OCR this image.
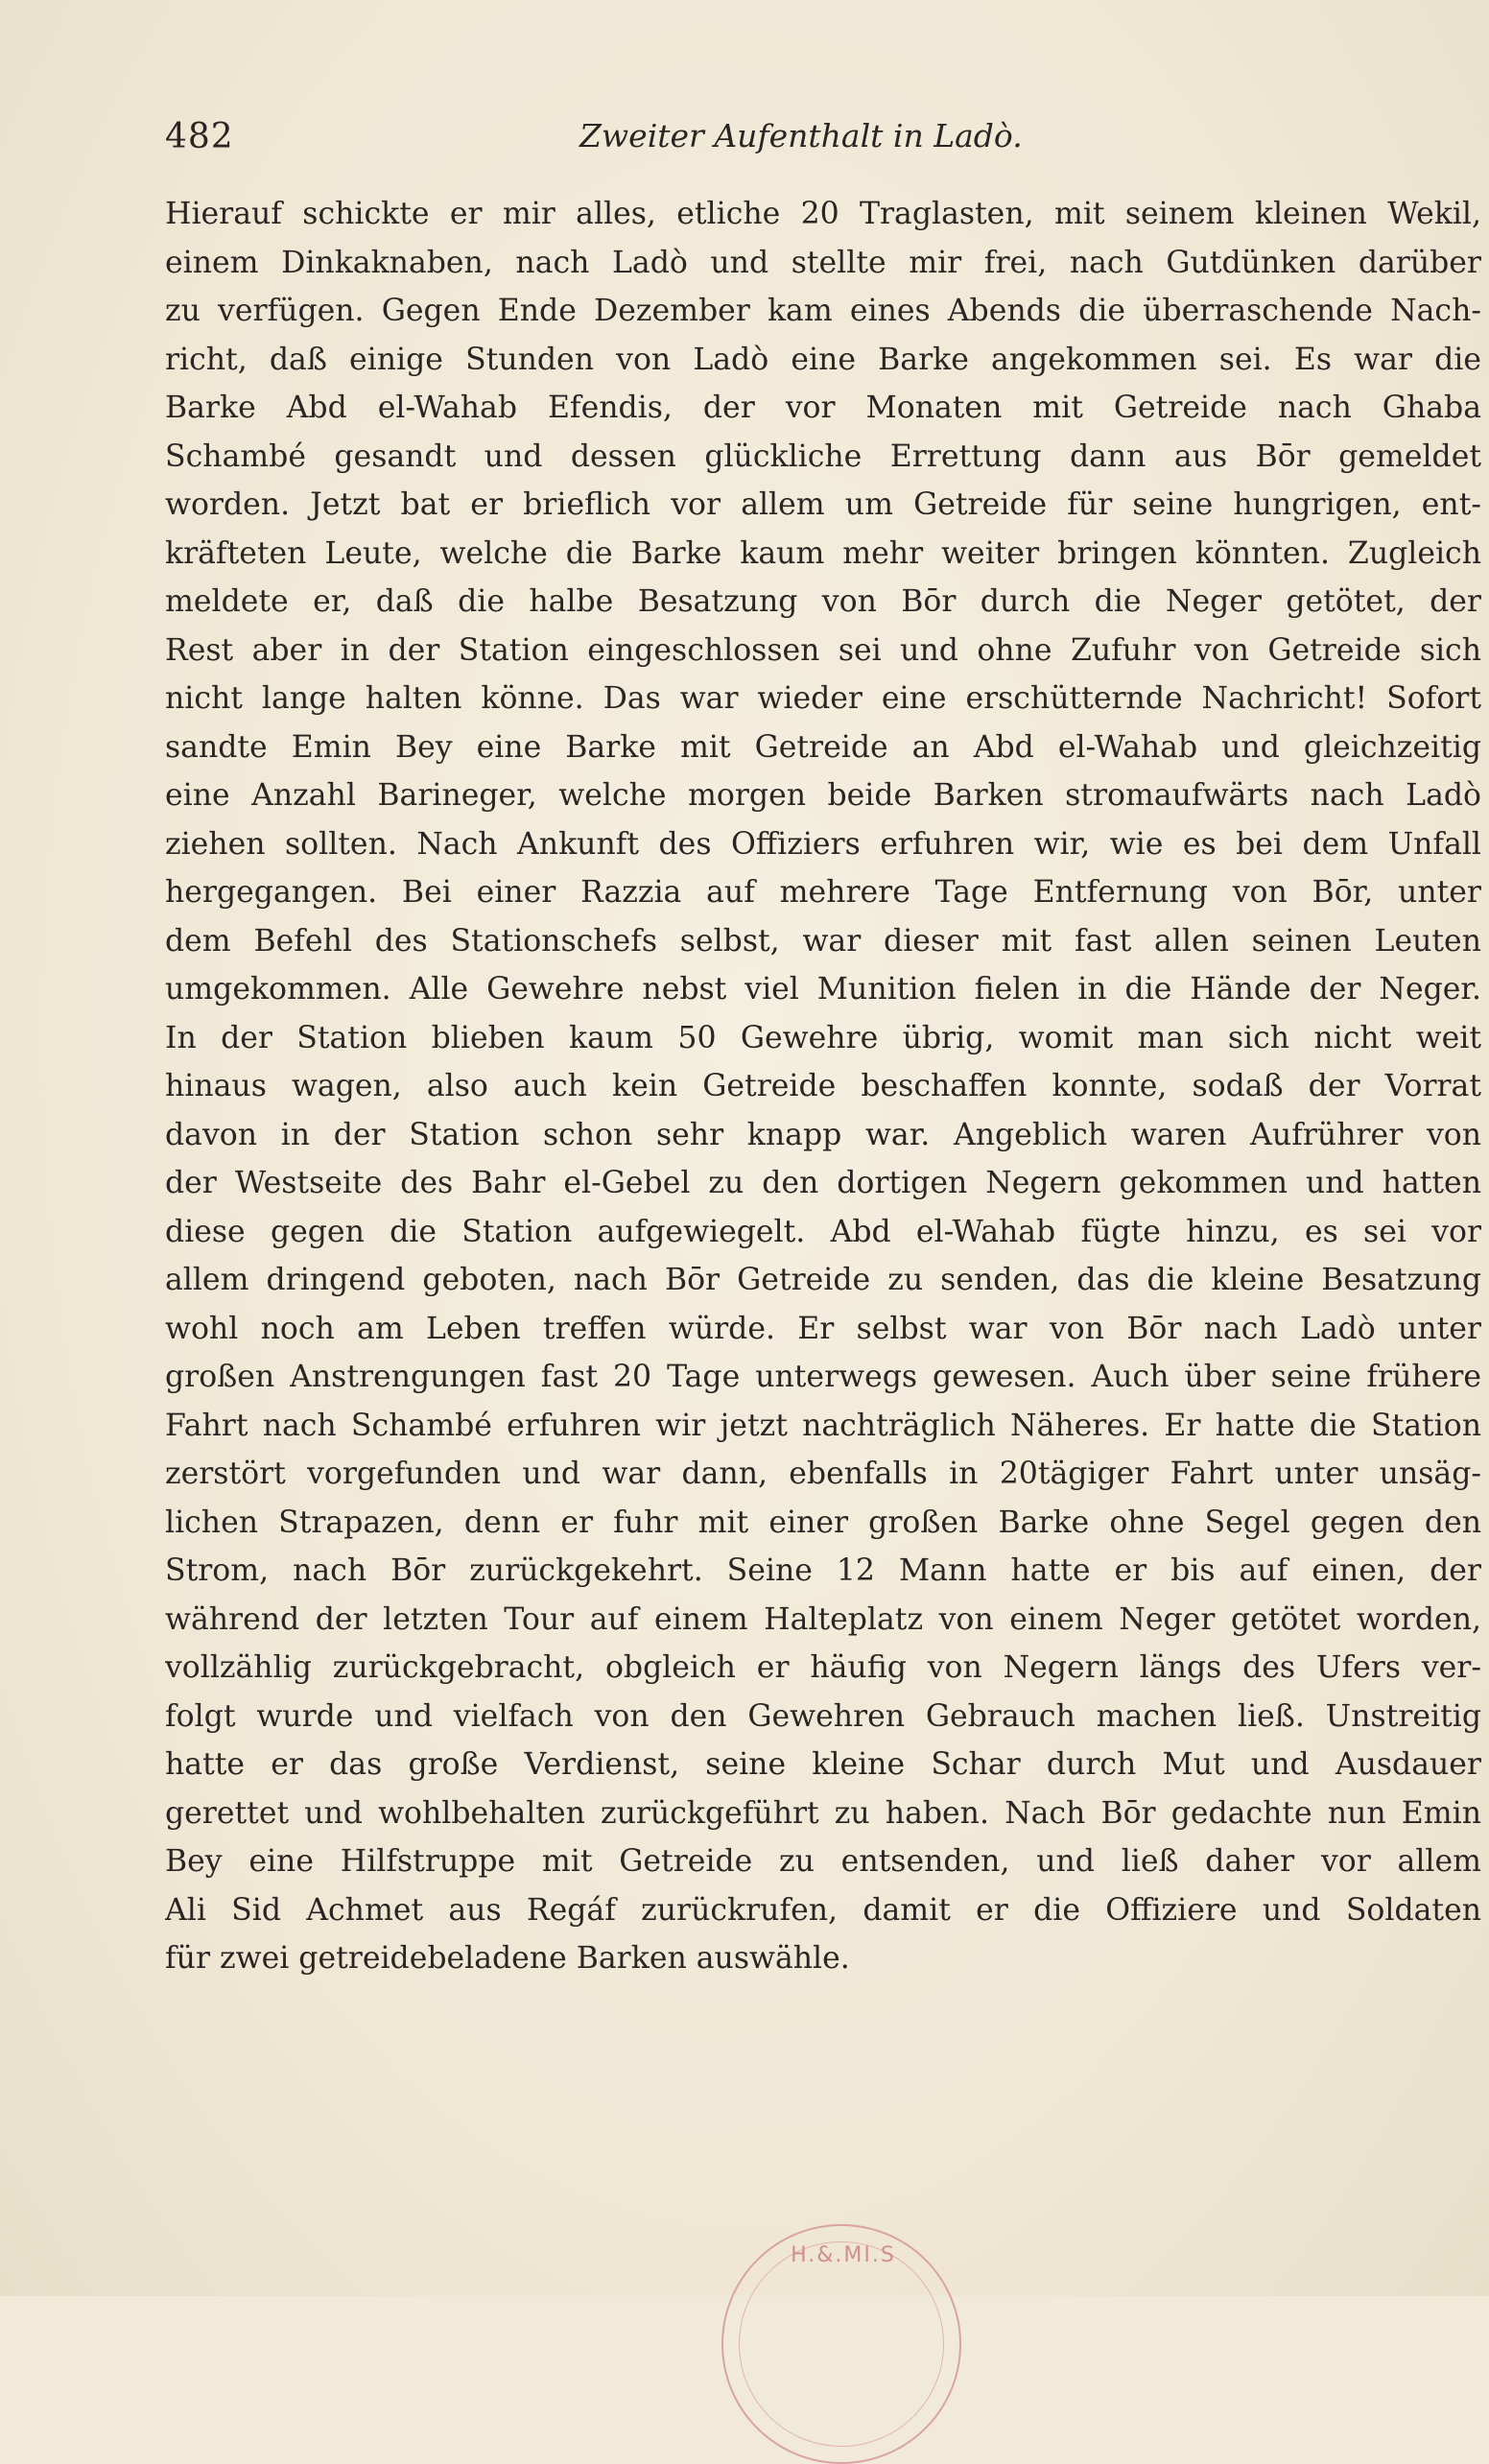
482	Zweiter Aufenthalt in Ladò.
Hierauf schickte er mir alles, etliche 20 Traglasten, mit seinem kleinen Wekil,
einem Dinkaknaben, nach Ladò und stellte mir frei, nach Gutdünken darüber
zu verfügen. Gegen Ende Dezember kam eines Abends die überraschende Nach-
richt, daß einige Stunden von Ladò eine Barke angekommen sei. Es war die
Barke Abd el-Wahab Efendis, der vor Monaten mit Getreide nach Ghaba
Schambé gesandt und dessen glückliche Errettung dann aus Bōr gemeldet
worden. Jetzt bat er brieflich vor allem um Getreide für seine hungrigen, ent-
kräfteten Leute, welche die Barke kaum mehr weiter bringen könnten. Zugleich
meldete er, daß die halbe Besatzung von Bōr durch die Neger getötet, der
Rest aber in der Station eingeschlossen sei und ohne Zufuhr von Getreide sich
nicht lange halten könne. Das war wieder eine erschütternde Nachricht! Sofort
sandte Emin Bey eine Barke mit Getreide an Abd el-Wahab und gleichzeitig
eine Anzahl Barineger, welche morgen beide Barken stromaufwärts nach Ladò
ziehen sollten. Nach Ankunft des Offiziers erfuhren wir, wie es bei dem Unfall
hergegangen. Bei einer Razzia auf mehrere Tage Entfernung von Bōr, unter
dem Befehl des Stationschefs selbst, war dieser mit fast allen seinen Leuten
umgekommen. Alle Gewehre nebst viel Munition fielen in die Hände der Neger.
In der Station blieben kaum 50 Gewehre übrig, womit man sich nicht weit
hinaus wagen, also auch kein Getreide beschaffen konnte, sodaß der Vorrat
davon in der Station schon sehr knapp war. Angeblich waren Aufrührer von
der Westseite des Bahr el-Gebel zu den dortigen Negern gekommen und hatten
diese gegen die Station aufgewiegelt. Abd el-Wahab fügte hinzu, es sei vor
allem dringend geboten, nach Bōr Getreide zu senden, das die kleine Besatzung
wohl noch am Leben treffen würde. Er selbst war von Bōr nach Ladò unter
großen Anstrengungen fast 20 Tage unterwegs gewesen. Auch über seine frühere
Fahrt nach Schambé erfuhren wir jetzt nachträglich Näheres. Er hatte die Station
zerstört vorgefunden und war dann, ebenfalls in 20tägiger Fahrt unter unsäg-
lichen Strapazen, denn er fuhr mit einer großen Barke ohne Segel gegen den
Strom, nach Bōr zurückgekehrt. Seine 12 Mann hatte er bis auf einen, der
während der letzten Tour auf einem Halteplatz von einem Neger getötet worden,
vollzählig zurückgebracht, obgleich er häufig von Negern längs des Ufers ver-
folgt wurde und vielfach von den Gewehren Gebrauch machen ließ. Unstreitig
hatte er das große Verdienst, seine kleine Schar durch Mut und Ausdauer
gerettet und wohlbehalten zurückgeführt zu haben. Nach Bōr gedachte nun Emin
Bey eine Hilfstruppe mit Getreide zu entsenden, und ließ daher vor allem
Ali Sid Achmet aus Regáf zurückrufen, damit er die Offiziere und Soldaten
für zwei getreidebeladene Barken auswähle.
H.&.MI.S
